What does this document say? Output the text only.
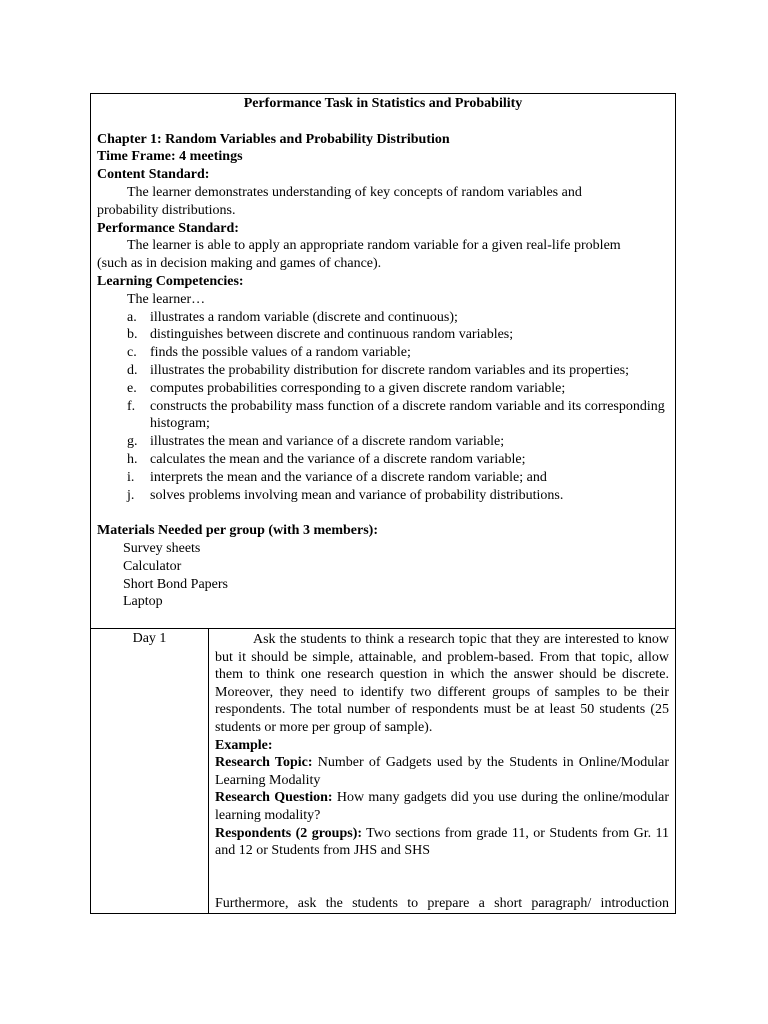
Performance Task in Statistics and Probability

Chapter 1: Random Variables and Probability Distribution

Time Frame: 4 meetings

Content Standard:

The learner demonstrates understanding of key concepts of random variables and

probability distributions.

Performance Standard:

The learner is able to apply an appropriate random variable for a given real-life problem

(such as in decision making and games of chance).

Learning Competencies:

The learner…

a. illustrates a random variable (discrete and continuous);
b. distinguishes between discrete and continuous random variables;
c. finds the possible values of a random variable;
d. illustrates the probability distribution for discrete random variables and its properties;
e. computes probabilities corresponding to a given discrete random variable;
f. constructs the probability mass function of a discrete random variable and its corresponding histogram;
g. illustrates the mean and variance of a discrete random variable;
h. calculates the mean and the variance of a discrete random variable;
i. interprets the mean and the variance of a discrete random variable; and
j. solves problems involving mean and variance of probability distributions.

Materials Needed per group (with 3 members):

Survey sheets
Calculator
Short Bond Papers
Laptop
Day 1	Ask the students to think a research topic that they are interested to know but it should be simple, attainable, and problem-based. From that topic, allow them to think one research question in which the answer should be discrete. Moreover, they need to identify two different groups of samples to be their respondents. The total number of respondents must be at least 50 students (25 students or more per group of sample).

Example:

Research Topic: Number of Gadgets used by the Students in Online/Modular Learning Modality

Research Question: How many gadgets did you use during the online/modular learning modality?

Respondents (2 groups): Two sections from grade 11, or Students from Gr. 11 and 12 or Students from JHS and SHS

Furthermore, ask the students to prepare a short paragraph/ introduction
